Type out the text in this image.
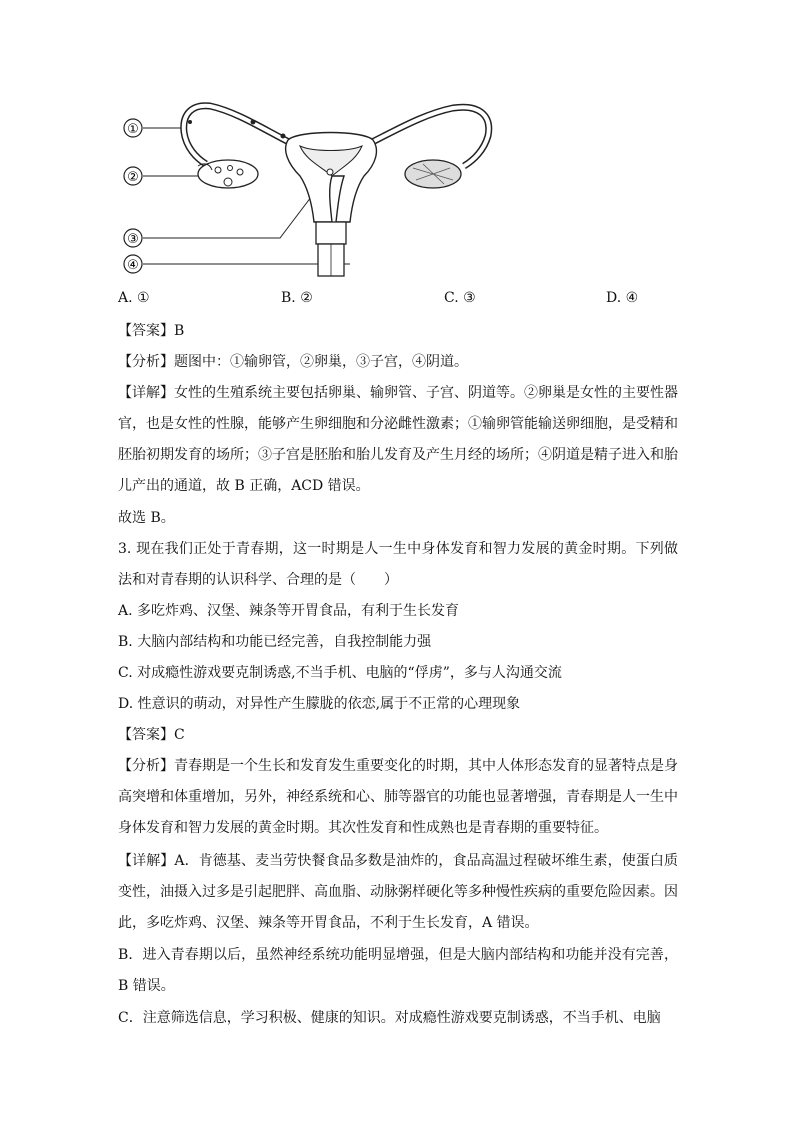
①
②
③
④
A. ①	B. ②	C. ③	D. ④
【答案】B
【分析】题图中：①输卵管，②卵巢，③子宫，④阴道。
【详解】女性的生殖系统主要包括卵巢、输卵管、子宫、阴道等。②卵巢是女性的主要性器官，也是女性的性腺，能够产生卵细胞和分泌雌性激素；①输卵管能输送卵细胞，是受精和胚胎初期发育的场所；③子宫是胚胎和胎儿发育及产生月经的场所；④阴道是精子进入和胎儿产出的通道，故 B 正确，ACD 错误。
故选 B。
3. 现在我们正处于青春期，这一时期是人一生中身体发育和智力发展的黄金时期。下列做法和对青春期的认识科学、合理的是（　　）
A. 多吃炸鸡、汉堡、辣条等开胃食品，有利于生长发育
B. 大脑内部结构和功能已经完善，自我控制能力强
C. 对成瘾性游戏要克制诱惑,不当手机、电脑的“俘虏”，多与人沟通交流
D. 性意识的萌动，对异性产生朦胧的依恋,属于不正常的心理现象
【答案】C
【分析】青春期是一个生长和发育发生重要变化的时期，其中人体形态发育的显著特点是身高突增和体重增加，另外，神经系统和心、肺等器官的功能也显著增强，青春期是人一生中身体发育和智力发展的黄金时期。其次性发育和性成熟也是青春期的重要特征。
【详解】A．肯德基、麦当劳快餐食品多数是油炸的，食品高温过程破坏维生素，使蛋白质变性，油摄入过多是引起肥胖、高血脂、动脉粥样硬化等多种慢性疾病的重要危险因素。因此，多吃炸鸡、汉堡、辣条等开胃食品，不利于生长发育，A 错误。
B．进入青春期以后，虽然神经系统功能明显增强，但是大脑内部结构和功能并没有完善，B 错误。
C．注意筛选信息，学习积极、健康的知识。对成瘾性游戏要克制诱惑，不当手机、电脑
